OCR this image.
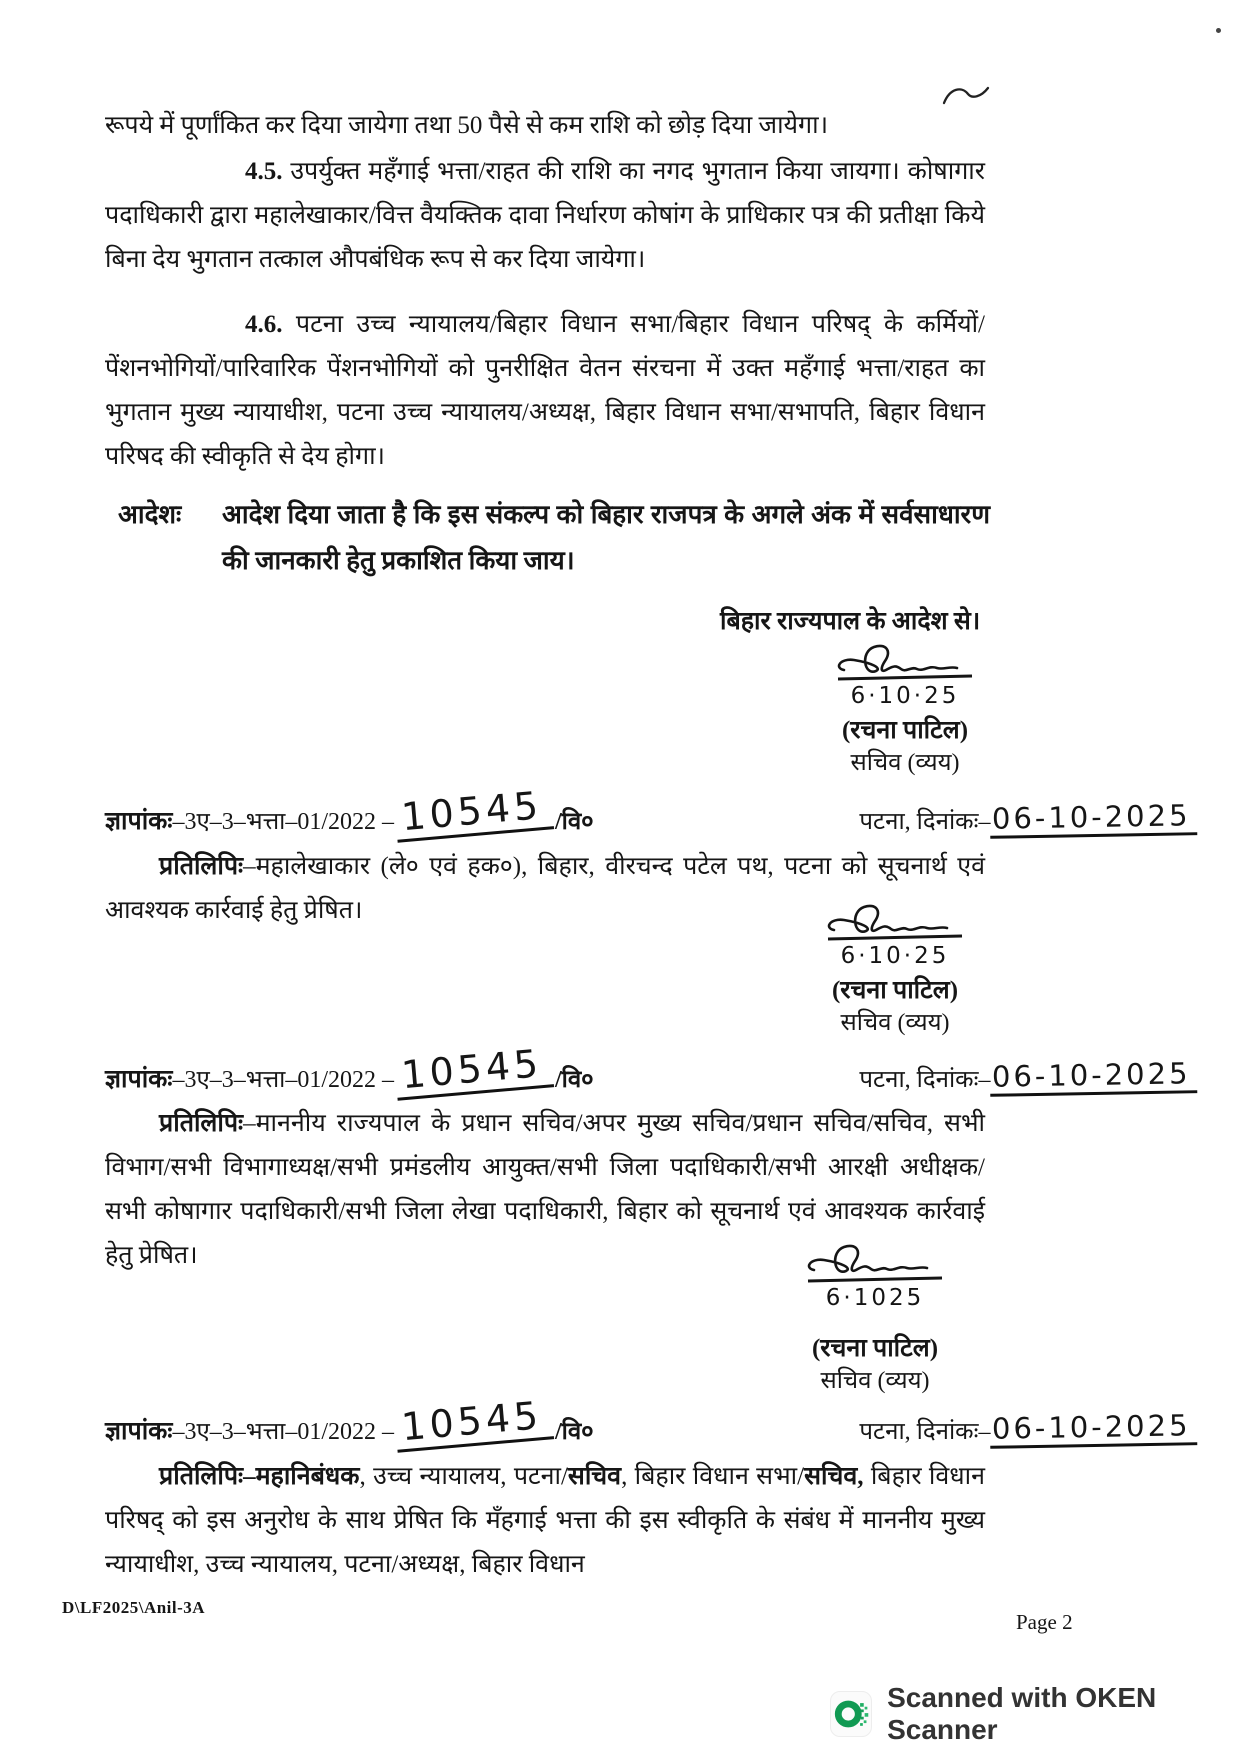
रूपये में पूर्णांकित कर दिया जायेगा तथा 50 पैसे से कम राशि को छोड़ दिया जायेगा।
4.5. उपर्युक्त महँगाई भत्ता/राहत की राशि का नगद भुगतान किया जायगा। कोषागार पदाधिकारी द्वारा महालेखाकार/वित्त वैयक्तिक दावा निर्धारण कोषांग के प्राधिकार पत्र की प्रतीक्षा किये बिना देय भुगतान तत्काल औपबंधिक रूप से कर दिया जायेगा।
4.6. पटना उच्च न्यायालय/बिहार विधान सभा/बिहार विधान परिषद् के कर्मियों/पेंशनभोगियों/पारिवारिक पेंशनभोगियों को पुनरीक्षित वेतन संरचना में उक्त महँगाई भत्ता/राहत का भुगतान मुख्य न्यायाधीश, पटना उच्च न्यायालय/अध्यक्ष, बिहार विधान सभा/सभापति, बिहार विधान परिषद की स्वीकृति से देय होगा।
आदेशः	आदेश दिया जाता है कि इस संकल्प को बिहार राजपत्र के अगले अंक में सर्वसाधारण की जानकारी हेतु प्रकाशित किया जाय।
बिहार राज्यपाल के आदेश से।
6·10·25
(रचना पाटिल)
सचिव (व्यय)
ज्ञापांकः –3ए–3–भत्ता–01/2022 – 10545 /वि०	पटना, दिनांकः– 06-10-2025
प्रतिलिपिः–महालेखाकार (ले० एवं हक०), बिहार, वीरचन्द पटेल पथ, पटना को सूचनार्थ एवं आवश्यक कार्रवाई हेतु प्रेषित।
6·10·25
(रचना पाटिल)
सचिव (व्यय)
ज्ञापांकः –3ए–3–भत्ता–01/2022 – 10545 /वि०	पटना, दिनांकः– 06-10-2025
प्रतिलिपिः–माननीय राज्यपाल के प्रधान सचिव/अपर मुख्य सचिव/प्रधान सचिव/सचिव, सभी विभाग/सभी विभागाध्यक्ष/सभी प्रमंडलीय आयुक्त/सभी जिला पदाधिकारी/सभी आरक्षी अधीक्षक/सभी कोषागार पदाधिकारी/सभी जिला लेखा पदाधिकारी, बिहार को सूचनार्थ एवं आवश्यक कार्रवाई हेतु प्रेषित।
6·1025
(रचना पाटिल)
सचिव (व्यय)
ज्ञापांकः –3ए–3–भत्ता–01/2022 – 10545 /वि०	पटना, दिनांकः– 06-10-2025
प्रतिलिपिः–महानिबंधक, उच्च न्यायालय, पटना/सचिव, बिहार विधान सभा/सचिव, बिहार विधान परिषद् को इस अनुरोध के साथ प्रेषित कि मँहगाई भत्ता की इस स्वीकृति के संबंध में माननीय मुख्य न्यायाधीश, उच्च न्यायालय, पटना/अध्यक्ष, बिहार विधान
D\LF2025\Anil-3A
Page 2
Scanned with OKEN Scanner
